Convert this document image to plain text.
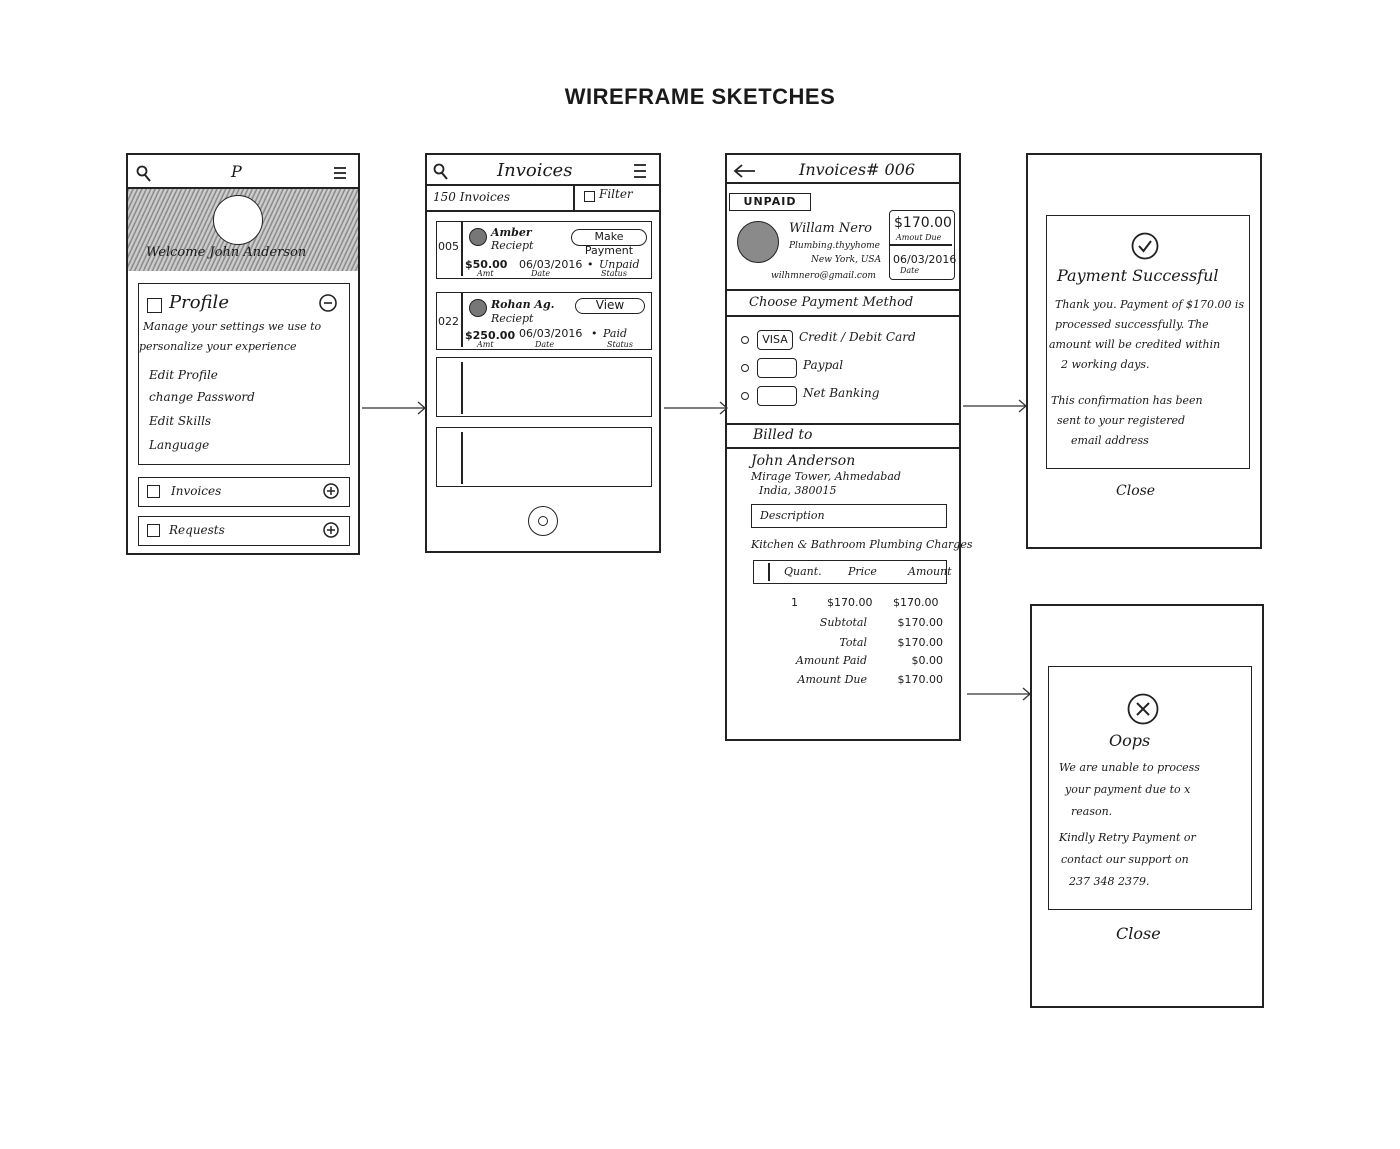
WIREFRAME SKETCHES
P
Welcome John Anderson
Profile
Manage your settings we use to
personalize your experience
Edit Profile
change Password
Edit Skills
Language
Invoices
Requests
Invoices
150 Invoices	Filter
005
Amber
Reciept
Make Payment
$50.00
Amt
06/03/2016
Date
• Unpaid
Status
022
Rohan Ag.
Reciept
View
$250.00
Amt
06/03/2016
Date
• Paid
Status
Invoices# 006
UNPAID
Willam Nero
Plumbing.thyyhome
New York, USA
wilhmnero@gmail.com
$170.00
Amout Due
06/03/2016
Date
Choose Payment Method
VISA Credit / Debit Card
Paypal
Net Banking
Billed to
John Anderson
Mirage Tower, Ahmedabad
India, 380015
Description
Kitchen & Bathroom Plumbing Charges
Quant. Price	Amount
1	$170.00 $170.00
Subtotal	$170.00
Total	$170.00
Amount Paid	$0.00
Amount Due	$170.00
Payment Successful
Thank you. Payment of $170.00 is
processed successfully. The
amount will be credited within
2 working days.
This confirmation has been
sent to your registered
email address
Close
Oops
We are unable to process
your payment due to x
reason.
Kindly Retry Payment or
contact our support on
237 348 2379.
Close
